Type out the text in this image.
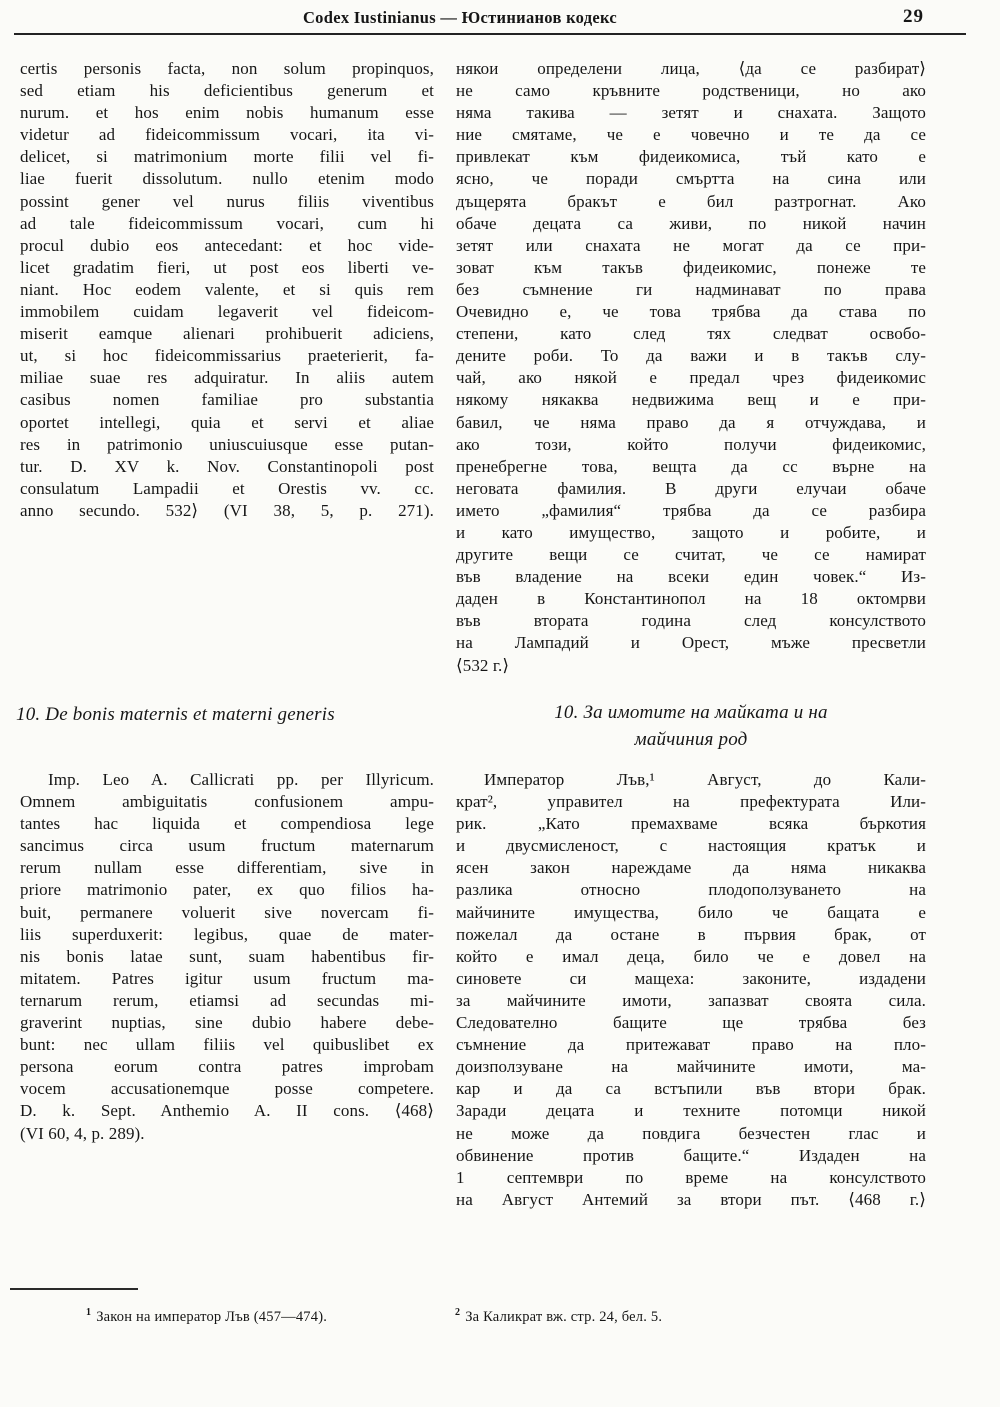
Codex Iustinianus — Юстинианов кодекс	29
certis personis facta, non solum propinquos,
sed etiam his deficientibus generum et
nurum. et hos enim nobis humanum esse
videtur ad fideicommissum vocari, ita vi-
delicet, si matrimonium morte filii vel fi-
liae fuerit dissolutum. nullo etenim modo
possint gener vel nurus filiis viventibus
ad tale fideicommissum vocari, cum hi
procul dubio eos antecedant: et hoc vide-
licet gradatim fieri, ut post eos liberti ve-
niant. Hoc eodem valente, et si quis rem
immobilem cuidam legaverit vel fideicom-
miserit eamque alienari prohibuerit adiciens,
ut, si hoc fideicommissarius praeterierit, fa-
miliae suae res adquiratur. In aliis autem
casibus nomen familiae pro substantia
oportet intellegi, quia et servi et aliae
res in patrimonio uniuscuiusque esse putan-
tur. D. XV k. Nov. Constantinopoli post
consulatum Lampadii et Orestis vv. cc.
anno secundo. 532⟩ (VI 38, 5, p. 271).
някои определени лица, ⟨да се разбират⟩
не само кръвните родственици, но ако
няма такива — зетят и снахата. Защото
ние смятаме, че е човечно и те да се
привлекат към фидеикомиса, тъй като е
ясно, че поради смъртта на сина или
дъщерята бракът е бил разтрогнат. Ако
обаче децата са живи, по никой начин
зетят или снахата не могат да се при-
зоват към такъв фидеикомис, понеже те
без съмнение ги надминават по права
Очевидно е, че това трябва да става по
степени, като след тях следват освобо-
дените роби. То да важи и в такъв слу-
чай, ако някой е предал чрез фидеикомис
някому някаква недвижима вещ и е при-
бавил, че няма право да я отчуждава, и
ако този, който получи фидеикомис,
пренебрегне това, вещта да сс върне на
неговата фамилия. В други елучаи обаче
името „фамилия“ трябва да се разбира
и като имущество, защото и робите, и
другите вещи се считат, че се намират
във владение на всеки един човек.“ Из-
даден в Константинопол на 18 октомрви
във втората година след консулството
на Лампадий и Орест, мъже пресветли
⟨532 г.⟩
10. De bonis maternis et materni generis	10. За имотите на майката и на
майчиния род
Imp. Leo A. Callicrati pp. per Illyricum.
Omnem ambiguitatis confusionem ampu-
tantes hac liquida et compendiosa lege
sancimus circa usum fructum maternarum
rerum nullam esse differentiam, sive in
priore matrimonio pater, ex quo filios ha-
buit, permanere voluerit sive novercam fi-
liis superduxerit: legibus, quae de mater-
nis bonis latae sunt, suam habentibus fir-
mitatem. Patres igitur usum fructum ma-
ternarum rerum, etiamsi ad secundas mi-
graverint nuptias, sine dubio habere debe-
bunt: nec ullam filiis vel quibuslibet ex
persona eorum contra patres improbam
vocem accusationemque posse competere.
D. k. Sept. Anthemio A. II cons. ⟨468⟩
(VI 60, 4, p. 289).
Император Лъв,¹ Август, до Кали-
крат², управител на префектурата Или-
рик. „Като премахваме всяка бъркотия
и двусмисленост, с настоящия кратък и
ясен закон нареждаме да няма никаква
разлика относно плодоползуването на
майчините имущества, било че бащата е
пожелал да остане в първия брак, от
който е имал деца, било че е довел на
синовете си мащеха: законите, издадени
за майчините имоти, запазват своята сила.
Следователно бащите ще трябва без
съмнение да притежават право на пло-
доизползуване на майчините имоти, ма-
кар и да са встъпили във втори брак.
Заради децата и техните потомци никой
не може да повдига безчестен глас и
обвинение против бащите.“ Издаден на
1 септември по време на консулството
на Август Антемий за втори път. ⟨468 г.⟩
$^1$ Закон на император Лъв (457—474).	$^2$ За Каликрат вж. стр. 24, бел. 5.
